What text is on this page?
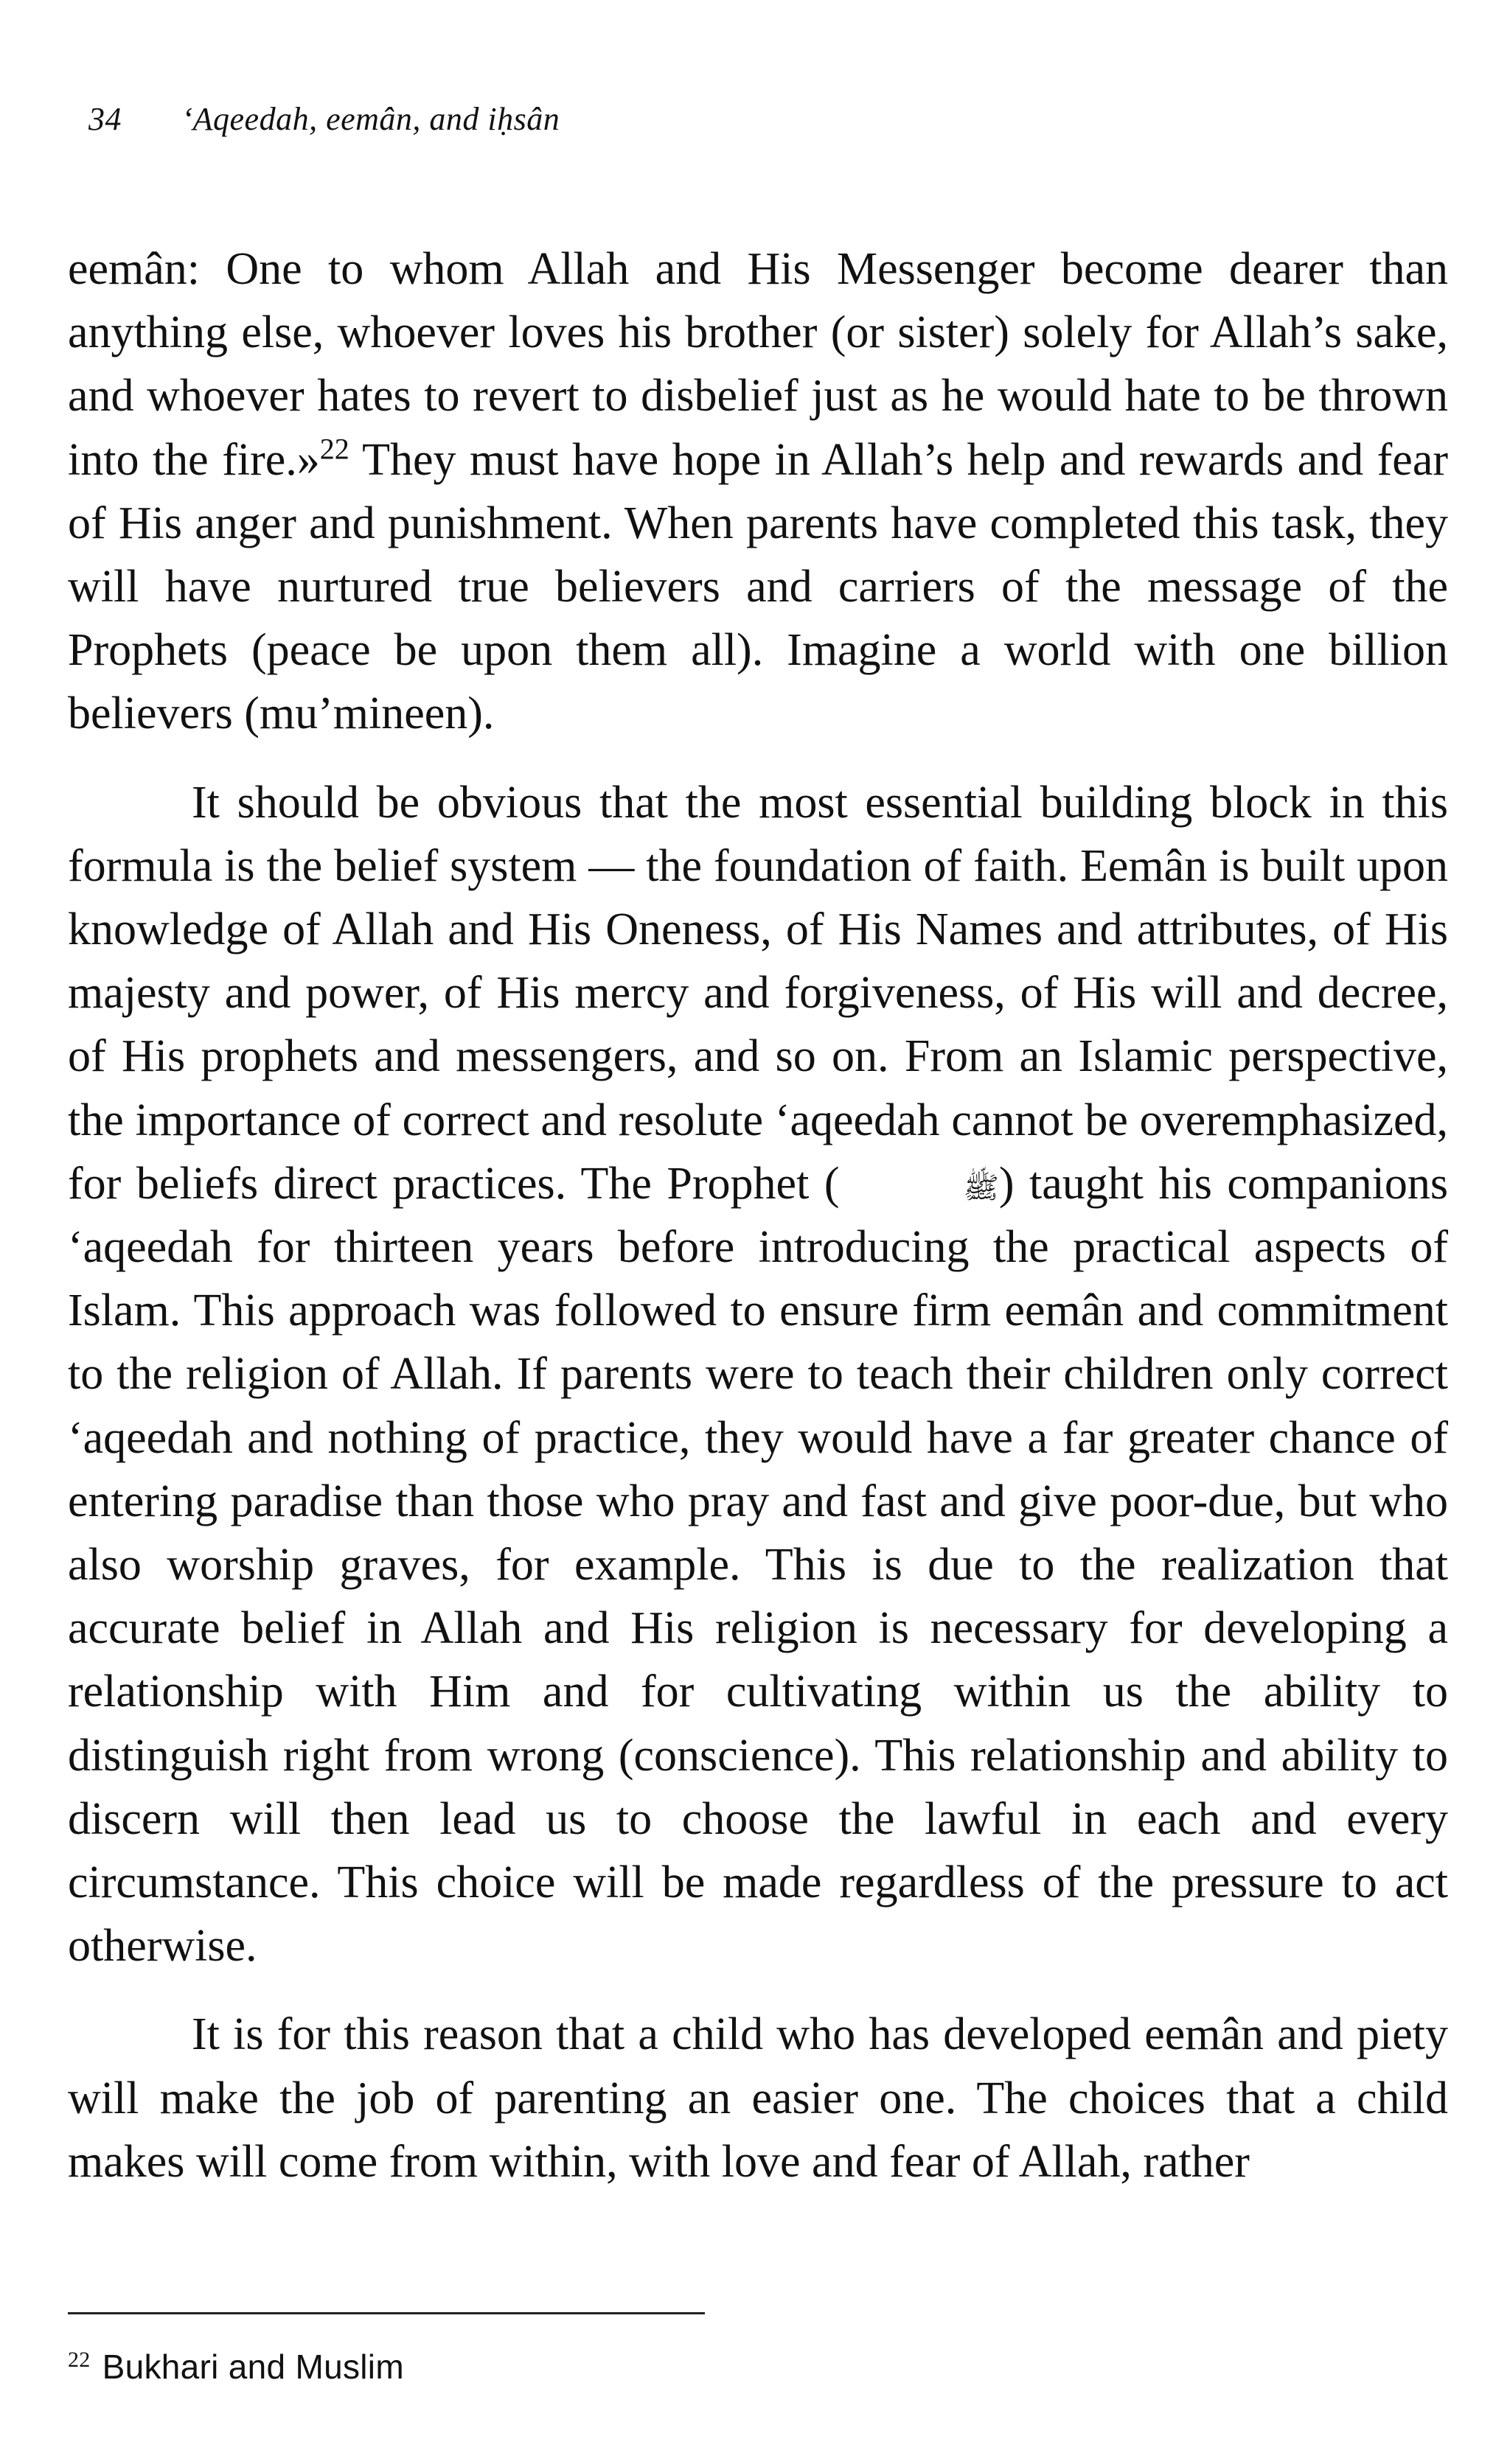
34 ‘Aqeedah, eemân, and iḥsân

eemân: One to whom Allah and His Messenger become dearer than anything else, whoever loves his brother (or sister) solely for Allah’s sake, and whoever hates to revert to disbelief just as he would hate to be thrown into the fire.»$^{22}$ They must have hope in Allah’s help and rewards and fear of His anger and punishment. When parents have completed this task, they will have nurtured true believers and carriers of the message of the Prophets (peace be upon them all). Imagine a world with one billion believers (mu’mineen).

It should be obvious that the most essential building block in this formula is the belief system — the foundation of faith. Eemân is built upon knowledge of Allah and His Oneness, of His Names and attributes, of His majesty and power, of His mercy and forgiveness, of His will and decree, of His prophets and messengers, and so on. From an Islamic perspective, the importance of correct and resolute ‘aqeedah cannot be overemphasized, for beliefs direct practices. The Prophet (	ﷺ) taught his companions ‘aqeedah for thirteen years before introducing the practical aspects of Islam. This approach was followed to ensure firm eemân and commitment to the religion of Allah. If parents were to teach their children only correct ‘aqeedah and nothing of practice, they would have a far greater chance of entering paradise than those who pray and fast and give poor-due, but who also worship graves, for example. This is due to the realization that accurate belief in Allah and His religion is necessary for developing a relationship with Him and for cultivating within us the ability to distinguish right from wrong (conscience). This relationship and ability to discern will then lead us to choose the lawful in each and every circumstance. This choice will be made regardless of the pressure to act otherwise.

It is for this reason that a child who has developed eemân and piety will make the job of parenting an easier one. The choices that a child makes will come from within, with love and fear of Allah, rather

$^{22}$ Bukhari and Muslim
